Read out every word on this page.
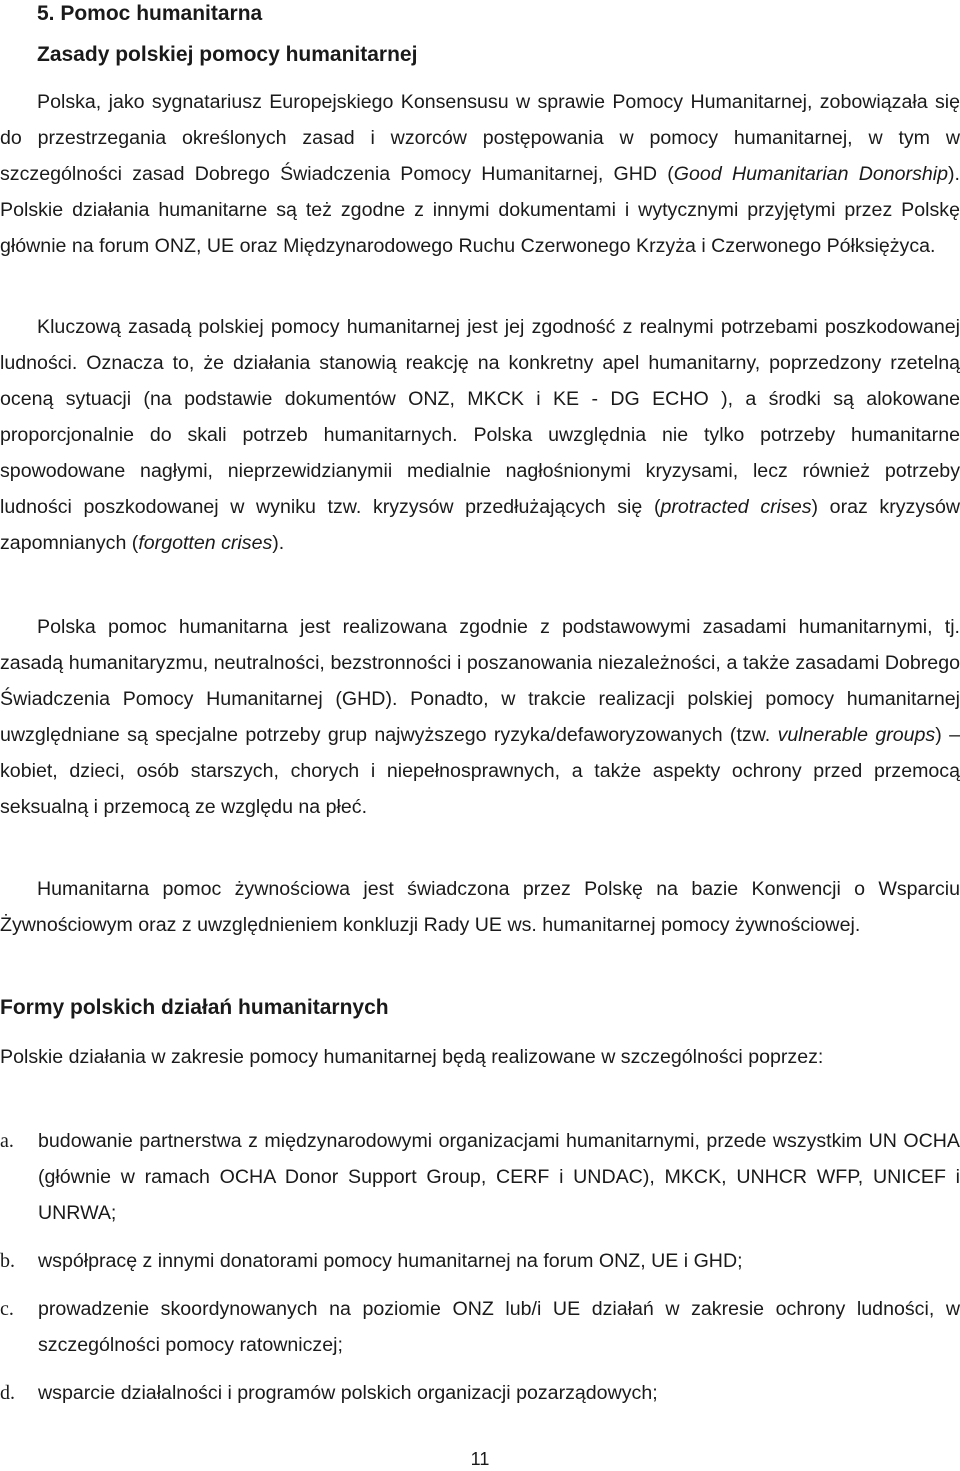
5. Pomoc humanitarna
Zasady polskiej pomocy humanitarnej

Polska, jako sygnatariusz Europejskiego Konsensusu w sprawie Pomocy Humanitarnej, zobowiązała się do przestrzegania określonych zasad i wzorców postępowania w pomocy humanitarnej, w tym w szczególności zasad Dobrego Świadczenia Pomocy Humanitarnej, GHD (Good Humanitarian Donorship). Polskie działania humanitarne są też zgodne z innymi dokumentami i wytycznymi przyjętymi przez Polskę głównie na forum ONZ, UE oraz Międzynarodowego Ruchu Czerwonego Krzyża i Czerwonego Półksiężyca.

Kluczową zasadą polskiej pomocy humanitarnej jest jej zgodność z realnymi potrzebami poszkodowanej ludności. Oznacza to, że działania stanowią reakcję na konkretny apel humanitarny, poprzedzony rzetelną oceną sytuacji (na podstawie dokumentów ONZ, MKCK i KE - DG ECHO ), a środki są alokowane proporcjonalnie do skali potrzeb humanitarnych. Polska uwzględnia nie tylko potrzeby humanitarne spowodowane nagłymi, nieprzewidzianymii medialnie nagłośnionymi kryzysami, lecz również potrzeby ludności poszkodowanej w wyniku tzw. kryzysów przedłużających się (protracted crises) oraz kryzysów zapomnianych (forgotten crises).

Polska pomoc humanitarna jest realizowana zgodnie z podstawowymi zasadami humanitarnymi, tj. zasadą humanitaryzmu, neutralności, bezstronności i poszanowania niezależności, a także zasadami Dobrego Świadczenia Pomocy Humanitarnej (GHD). Ponadto, w trakcie realizacji polskiej pomocy humanitarnej uwzględniane są specjalne potrzeby grup najwyższego ryzyka/defaworyzowanych (tzw. vulnerable groups) – kobiet, dzieci, osób starszych, chorych i niepełnosprawnych, a także aspekty ochrony przed przemocą seksualną i przemocą ze względu na płeć.

Humanitarna pomoc żywnościowa jest świadczona przez Polskę na bazie Konwencji o Wsparciu Żywnościowym oraz z uwzględnieniem konkluzji Rady UE ws. humanitarnej pomocy żywnościowej.

Formy polskich działań humanitarnych

Polskie działania w zakresie pomocy humanitarnej będą realizowane w szczególności poprzez:

a. budowanie partnerstwa z międzynarodowymi organizacjami humanitarnymi, przede wszystkim UN OCHA (głównie w ramach OCHA Donor Support Group, CERF i UNDAC), MKCK, UNHCR WFP, UNICEF i UNRWA;
b. współpracę z innymi donatorami pomocy humanitarnej na forum ONZ, UE i GHD;
c. prowadzenie skoordynowanych na poziomie ONZ lub/i UE działań w zakresie ochrony ludności, w szczególności pomocy ratowniczej;
d. wsparcie działalności i programów polskich organizacji pozarządowych;
11
